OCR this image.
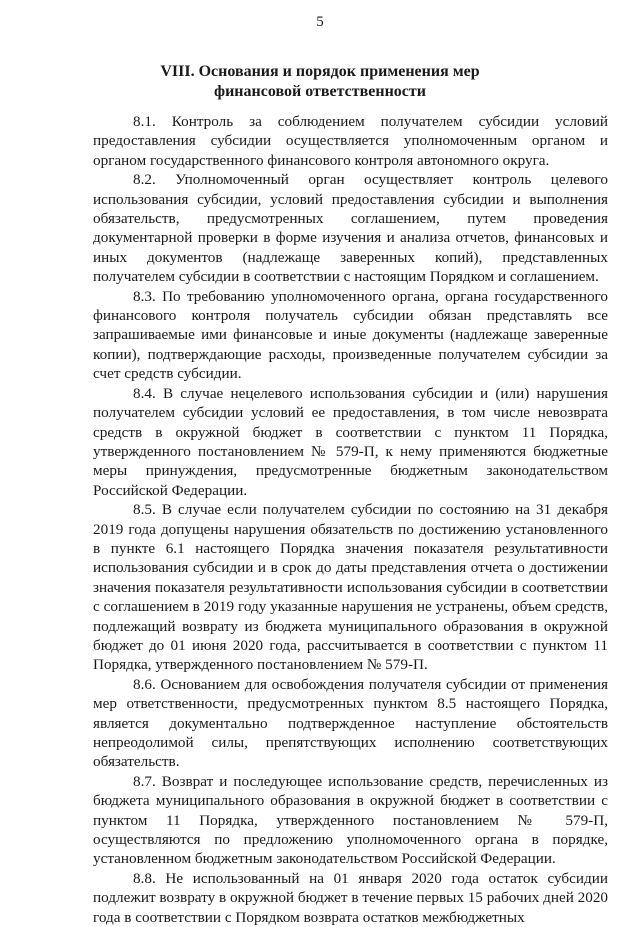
5
VIII. Основания и порядок применения мер финансовой ответственности

8.1. Контроль за соблюдением получателем субсидии условий предоставления субсидии осуществляется уполномоченным органом и органом государственного финансового контроля автономного округа.

8.2. Уполномоченный орган осуществляет контроль целевого использования субсидии, условий предоставления субсидии и выполнения обязательств, предусмотренных соглашением, путем проведения документарной проверки в форме изучения и анализа отчетов, финансовых и иных документов (надлежаще заверенных копий), представленных получателем субсидии в соответствии с настоящим Порядком и соглашением.

8.3. По требованию уполномоченного органа, органа государственного финансового контроля получатель субсидии обязан представлять все запрашиваемые ими финансовые и иные документы (надлежаще заверенные копии), подтверждающие расходы, произведенные получателем субсидии за счет средств субсидии.

8.4. В случае нецелевого использования субсидии и (или) нарушения получателем субсидии условий ее предоставления, в том числе невозврата средств в окружной бюджет в соответствии с пунктом 11 Порядка, утвержденного постановлением № 579-П, к нему применяются бюджетные меры принуждения, предусмотренные бюджетным законодательством Российской Федерации.

8.5. В случае если получателем субсидии по состоянию на 31 декабря 2019 года допущены нарушения обязательств по достижению установленного в пункте 6.1 настоящего Порядка значения показателя результативности использования субсидии и в срок до даты представления отчета о достижении значения показателя результативности использования субсидии в соответствии с соглашением в 2019 году указанные нарушения не устранены, объем средств, подлежащий возврату из бюджета муниципального образования в окружной бюджет до 01 июня 2020 года, рассчитывается в соответствии с пунктом 11 Порядка, утвержденного постановлением № 579-П.

8.6. Основанием для освобождения получателя субсидии от применения мер ответственности, предусмотренных пунктом 8.5 настоящего Порядка, является документально подтвержденное наступление обстоятельств непреодолимой силы, препятствующих исполнению соответствующих обязательств.

8.7. Возврат и последующее использование средств, перечисленных из бюджета муниципального образования в окружной бюджет в соответствии с пунктом 11 Порядка, утвержденного постановлением № 579-П, осуществляются по предложению уполномоченного органа в порядке, установленном бюджетным законодательством Российской Федерации.

8.8. Не использованный на 01 января 2020 года остаток субсидии подлежит возврату в окружной бюджет в течение первых 15 рабочих дней 2020 года в соответствии с Порядком возврата остатков межбюджетных
